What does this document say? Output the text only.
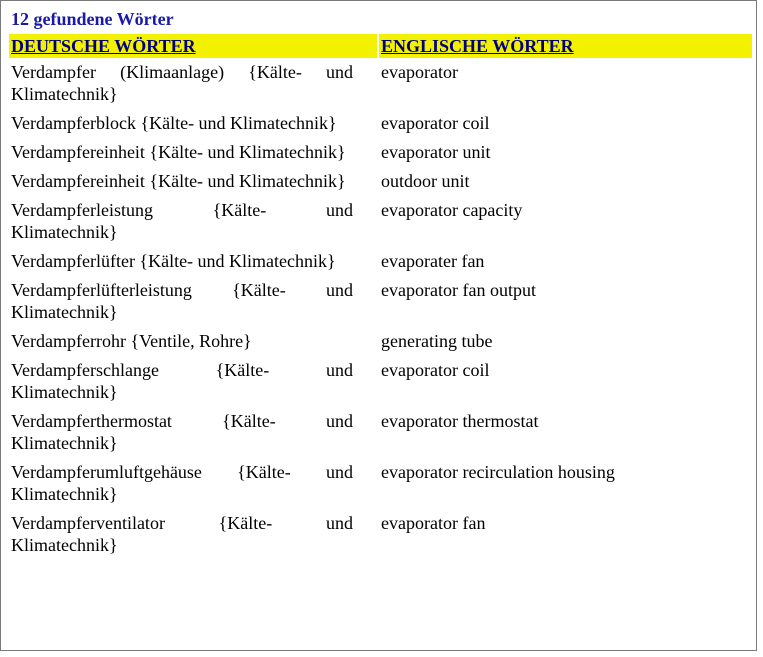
12 gefundene Wörter
DEUTSCHE WÖRTER	ENGLISCHE WÖRTER
Verdampfer (Klimaanlage) {Kälte- und Klimatechnik}	evaporator
Verdampferblock {Kälte- und Klimatechnik}	evaporator coil
Verdampfereinheit {Kälte- und Klimatechnik}	evaporator unit
Verdampfereinheit {Kälte- und Klimatechnik}	outdoor unit
Verdampferleistung {Kälte- und Klimatechnik}	evaporator capacity
Verdampferlüfter {Kälte- und Klimatechnik}	evaporater fan
Verdampferlüfterleistung {Kälte- und Klimatechnik}	evaporator fan output
Verdampferrohr {Ventile, Rohre}	generating tube
Verdampferschlange {Kälte- und Klimatechnik}	evaporator coil
Verdampferthermostat {Kälte- und Klimatechnik}	evaporator thermostat
Verdampferumluftgehäuse {Kälte- und Klimatechnik}	evaporator recirculation housing
Verdampferventilator {Kälte- und Klimatechnik}	evaporator fan
